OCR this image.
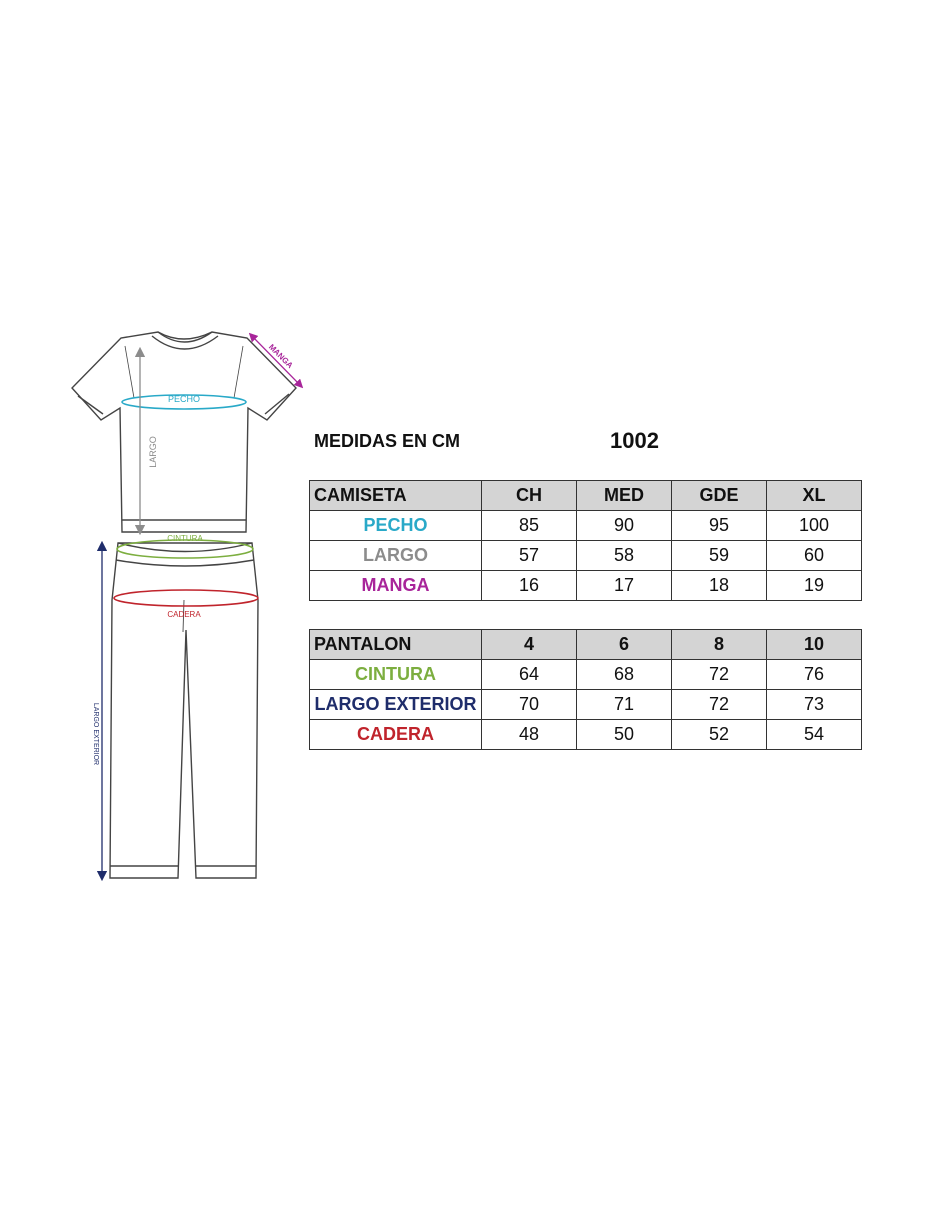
PECHO
LARGO
MANGA
CINTURA
CADERA
LARGO EXTERIOR
MEDIDAS EN CM	1002
CAMISETA	CH	MED	GDE	XL
PECHO	85	90	95	100
LARGO	57	58	59	60
MANGA	16	17	18	19
PANTALON	4	6	8	10
CINTURA	64	68	72	76
LARGO EXTERIOR	70	71	72	73
CADERA	48	50	52	54
